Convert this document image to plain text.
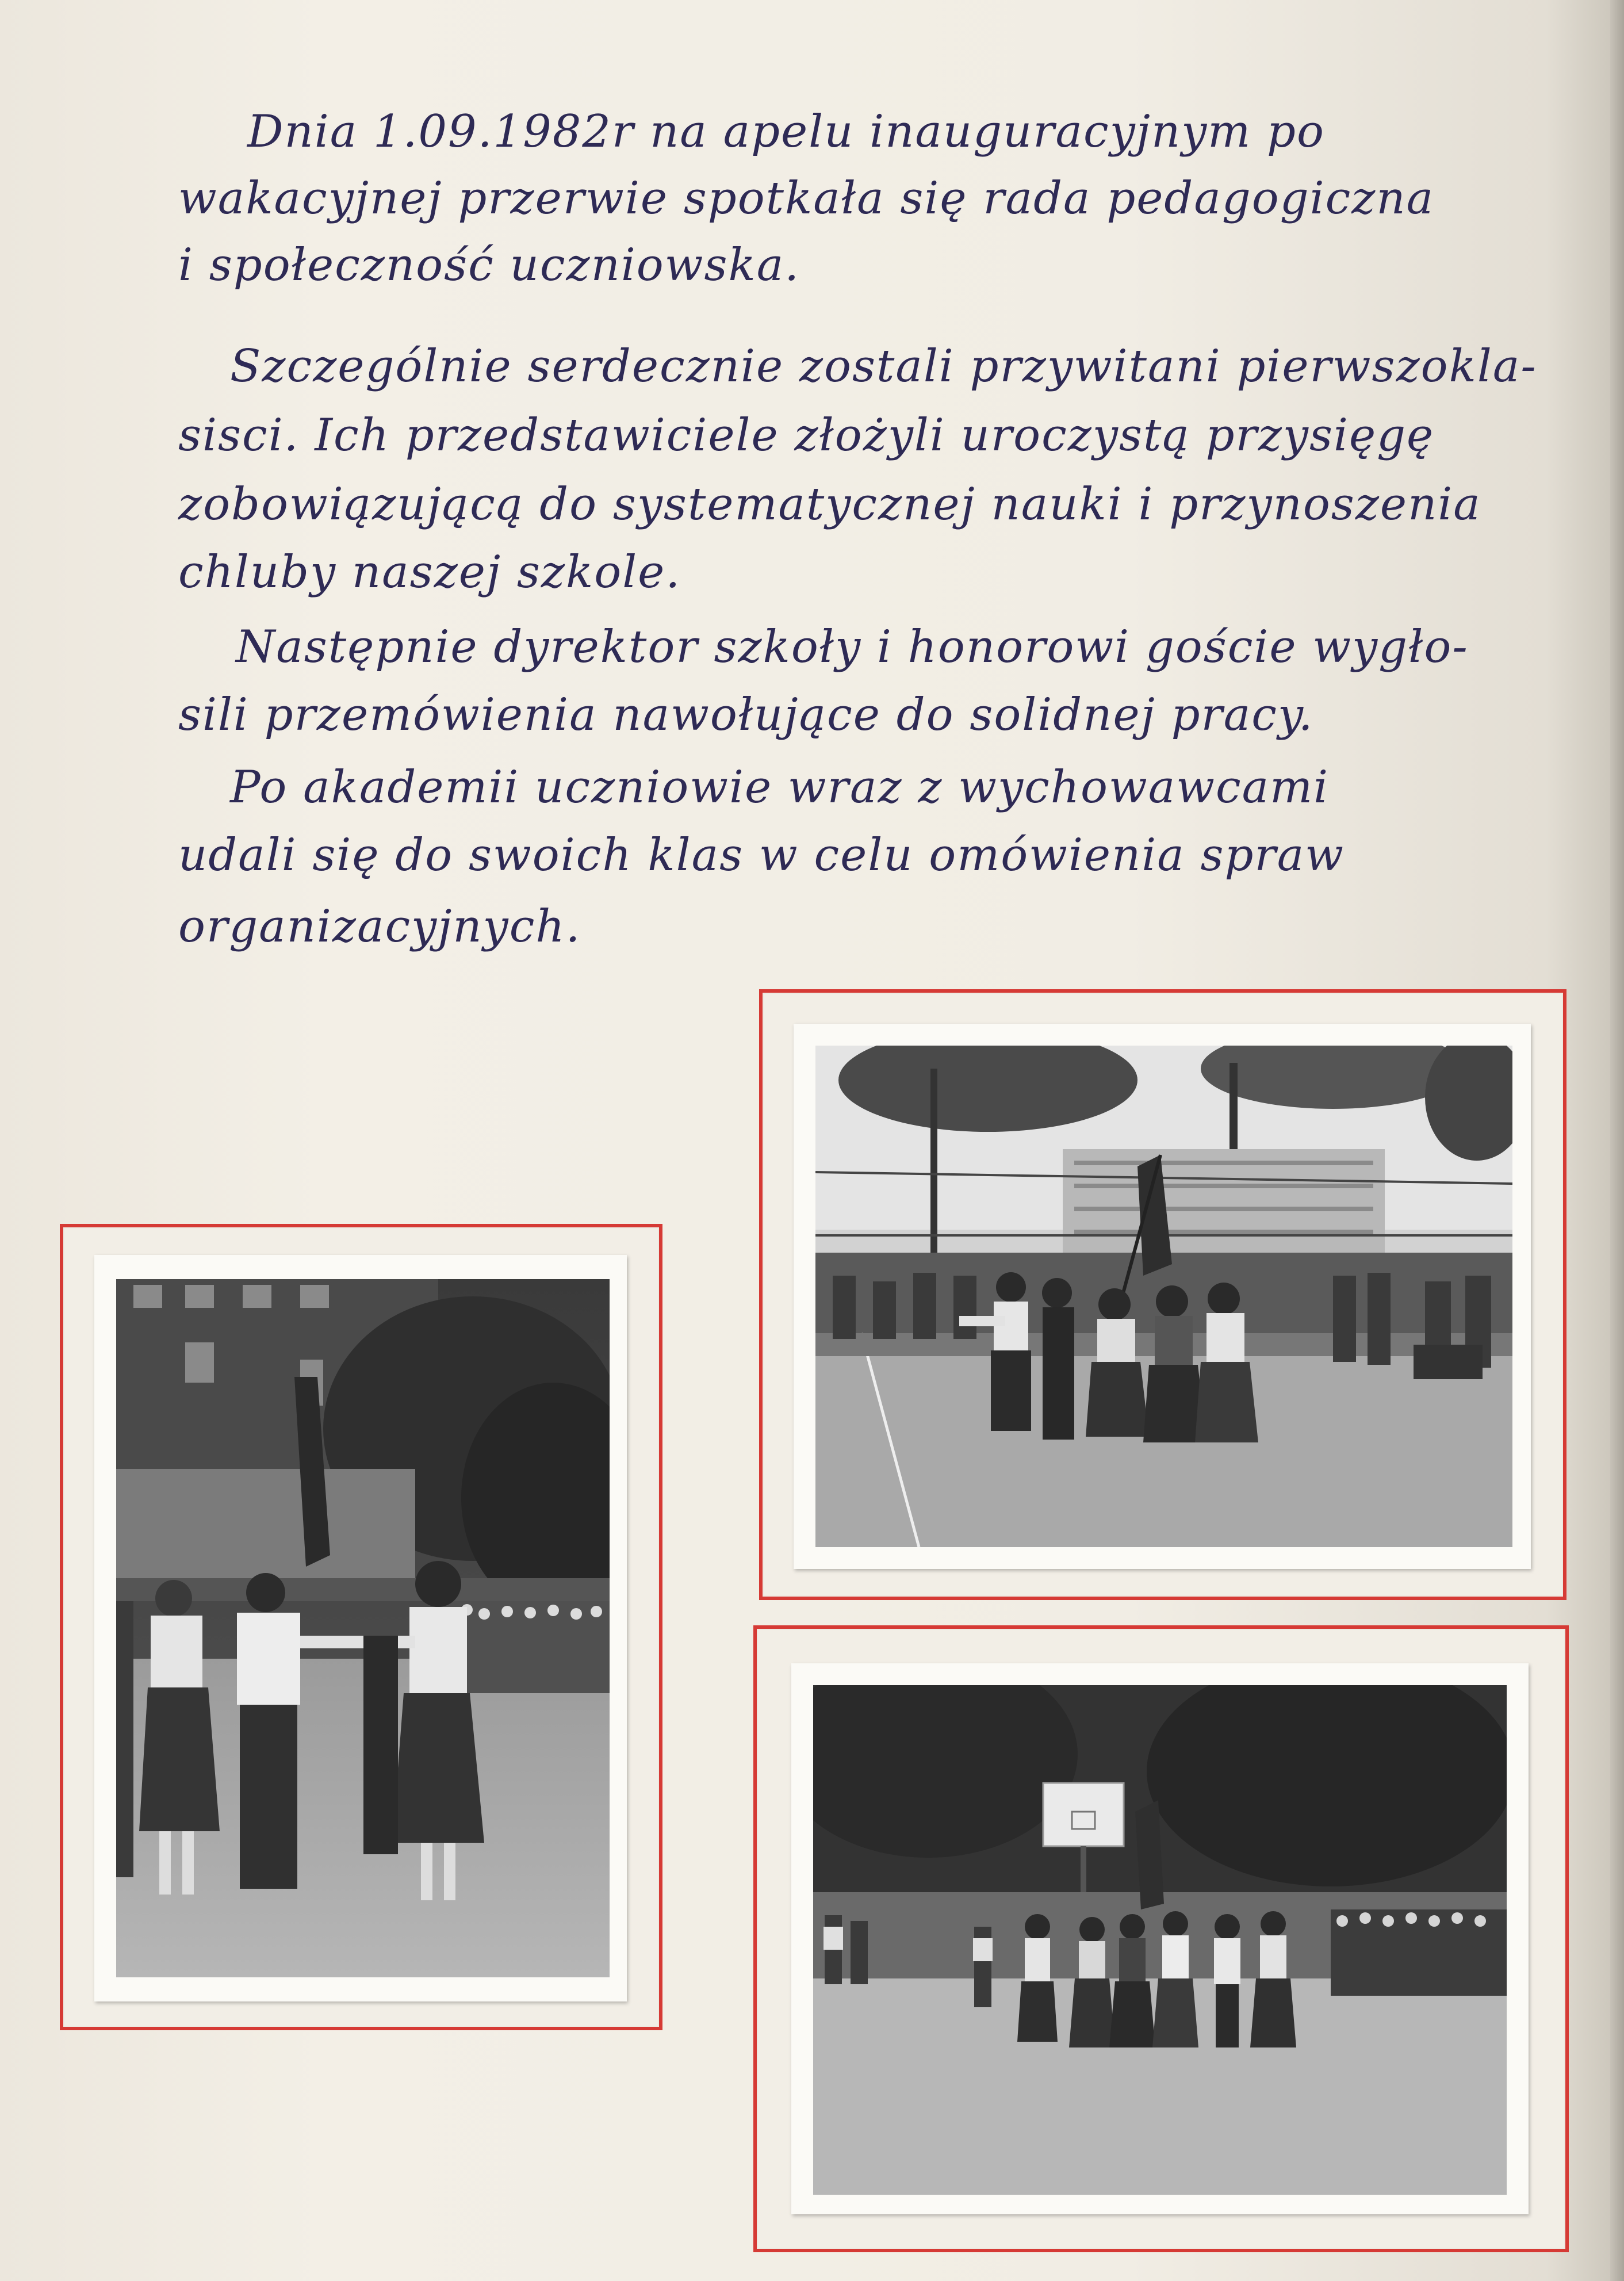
Dnia 1.09.1982r na apelu inauguracyjnym po
wakacyjnej przerwie spotkała się rada pedagogiczna
i społeczność uczniowska.
Szczególnie serdecznie zostali przywitani pierwszokla-
sisci. Ich przedstawiciele złożyli uroczystą przysięgę
zobowiązującą do systematycznej nauki i przynoszenia
chluby naszej szkole.
Następnie dyrektor szkoły i honorowi goście wygło-
sili przemówienia nawołujące do solidnej pracy.
Po akademii uczniowie wraz z wychowawcami
udali się do swoich klas w celu omówienia spraw
organizacyjnych.
